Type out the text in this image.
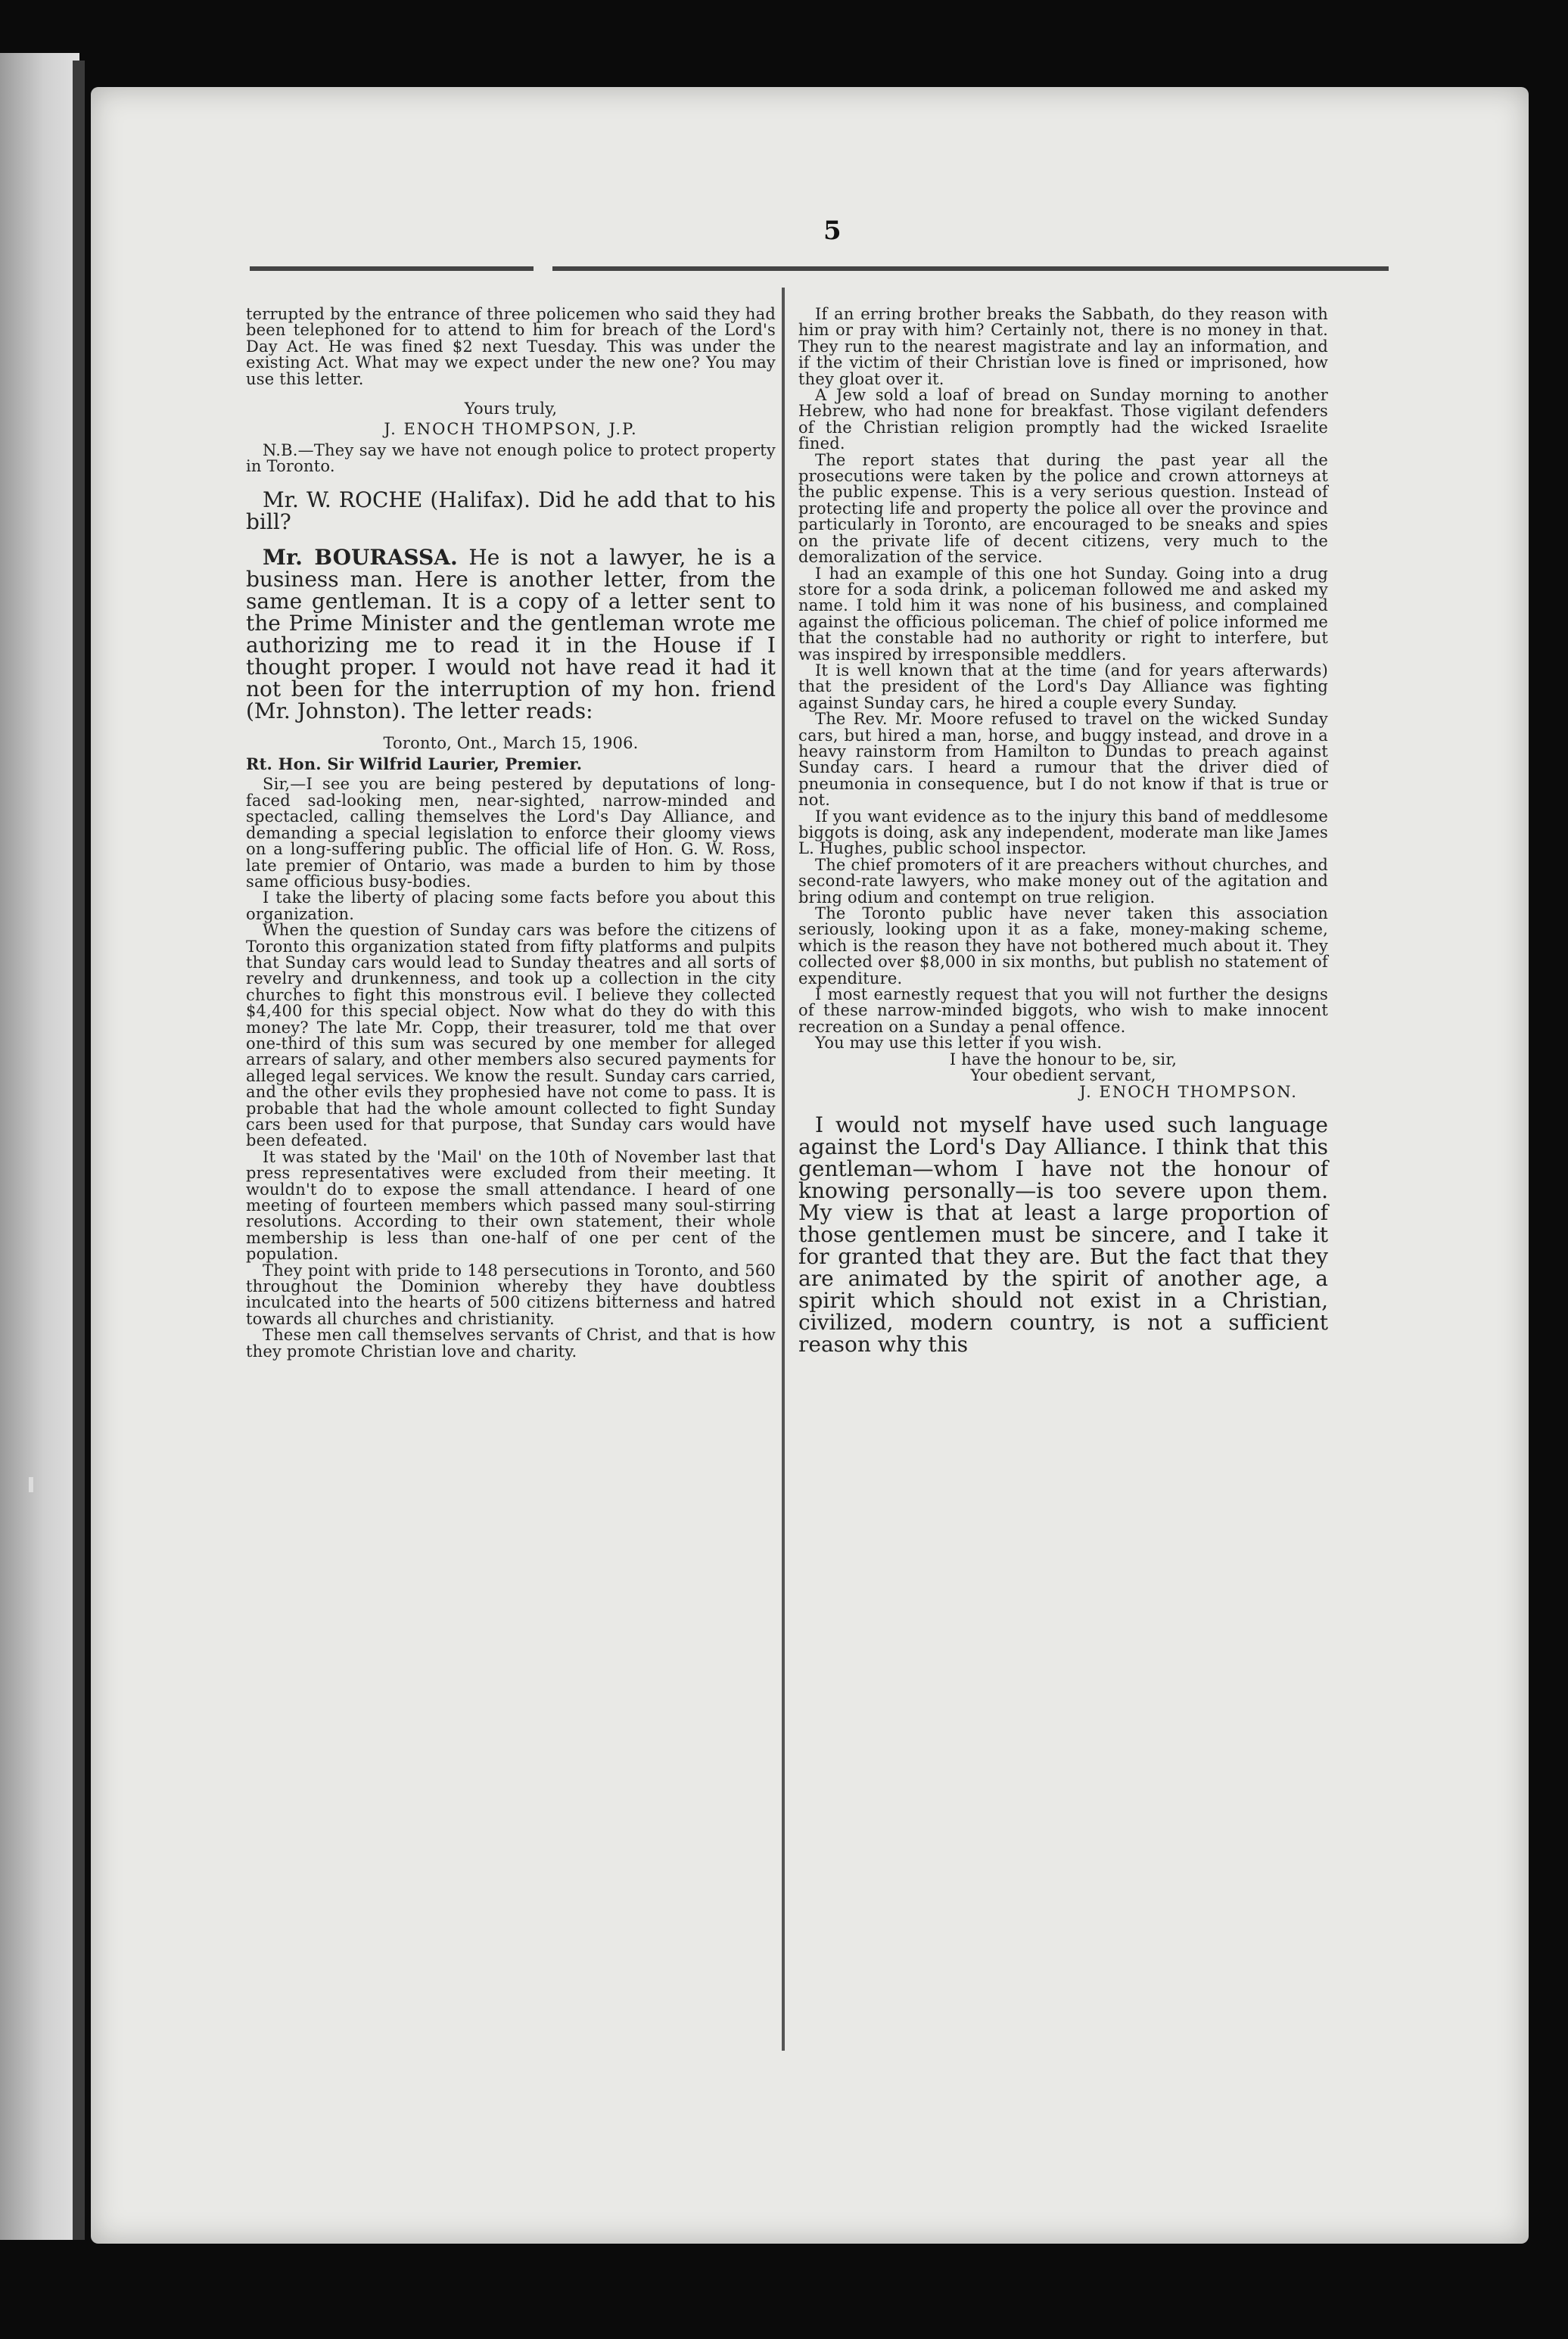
5

terrupted by the entrance of three policemen who said they had been telephoned for to attend to him for breach of the Lord's Day Act. He was fined $2 next Tuesday. This was under the existing Act. What may we expect under the new one? You may use this letter.

Yours truly,

J. ENOCH THOMPSON, J.P.

N.B.—They say we have not enough police to protect property in Toronto.

Mr. W. ROCHE (Halifax). Did he add that to his bill?

Mr. BOURASSA. He is not a lawyer, he is a business man. Here is another letter, from the same gentleman. It is a copy of a letter sent to the Prime Minister and the gentleman wrote me authorizing me to read it in the House if I thought proper. I would not have read it had it not been for the interruption of my hon. friend (Mr. Johnston). The letter reads:

Toronto, Ont., March 15, 1906.

Rt. Hon. Sir Wilfrid Laurier, Premier.

Sir,—I see you are being pestered by deputations of long-faced sad-looking men, near-sighted, narrow-minded and spectacled, calling themselves the Lord's Day Alliance, and demanding a special legislation to enforce their gloomy views on a long-suffering public. The official life of Hon. G. W. Ross, late premier of Ontario, was made a burden to him by those same officious busy-bodies.

I take the liberty of placing some facts before you about this organization.

When the question of Sunday cars was before the citizens of Toronto this organization stated from fifty platforms and pulpits that Sunday cars would lead to Sunday theatres and all sorts of revelry and drunkenness, and took up a collection in the city churches to fight this monstrous evil. I believe they collected $4,400 for this special object. Now what do they do with this money? The late Mr. Copp, their treasurer, told me that over one-third of this sum was secured by one member for alleged arrears of salary, and other members also secured payments for alleged legal services. We know the result. Sunday cars carried, and the other evils they prophesied have not come to pass. It is probable that had the whole amount collected to fight Sunday cars been used for that purpose, that Sunday cars would have been defeated.

It was stated by the 'Mail' on the 10th of November last that press representatives were excluded from their meeting. It wouldn't do to expose the small attendance. I heard of one meeting of fourteen members which passed many soul-stirring resolutions. According to their own statement, their whole membership is less than one-half of one per cent of the population.

They point with pride to 148 persecutions in Toronto, and 560 throughout the Dominion whereby they have doubtless inculcated into the hearts of 500 citizens bitterness and hatred towards all churches and christianity.

These men call themselves servants of Christ, and that is how they promote Christian love and charity.

If an erring brother breaks the Sabbath, do they reason with him or pray with him? Certainly not, there is no money in that. They run to the nearest magistrate and lay an information, and if the victim of their Christian love is fined or imprisoned, how they gloat over it.

A Jew sold a loaf of bread on Sunday morning to another Hebrew, who had none for breakfast. Those vigilant defenders of the Christian religion promptly had the wicked Israelite fined.

The report states that during the past year all the prosecutions were taken by the police and crown attorneys at the public expense. This is a very serious question. Instead of protecting life and property the police all over the province and particularly in Toronto, are encouraged to be sneaks and spies on the private life of decent citizens, very much to the demoralization of the service.

I had an example of this one hot Sunday. Going into a drug store for a soda drink, a policeman followed me and asked my name. I told him it was none of his business, and complained against the officious policeman. The chief of police informed me that the constable had no authority or right to interfere, but was inspired by irresponsible meddlers.

It is well known that at the time (and for years afterwards) that the president of the Lord's Day Alliance was fighting against Sunday cars, he hired a couple every Sunday.

The Rev. Mr. Moore refused to travel on the wicked Sunday cars, but hired a man, horse, and buggy instead, and drove in a heavy rainstorm from Hamilton to Dundas to preach against Sunday cars. I heard a rumour that the driver died of pneumonia in consequence, but I do not know if that is true or not.

If you want evidence as to the injury this band of meddlesome biggots is doing, ask any independent, moderate man like James L. Hughes, public school inspector.

The chief promoters of it are preachers without churches, and second-rate lawyers, who make money out of the agitation and bring odium and contempt on true religion.

The Toronto public have never taken this association seriously, looking upon it as a fake, money-making scheme, which is the reason they have not bothered much about it. They collected over $8,000 in six months, but publish no statement of expenditure.

I most earnestly request that you will not further the designs of these narrow-minded biggots, who wish to make innocent recreation on a Sunday a penal offence.

You may use this letter if you wish.

I have the honour to be, sir,

Your obedient servant,

J. ENOCH THOMPSON.

I would not myself have used such language against the Lord's Day Alliance. I think that this gentleman—whom I have not the honour of knowing personally—is too severe upon them. My view is that at least a large proportion of those gentlemen must be sincere, and I take it for granted that they are. But the fact that they are animated by the spirit of another age, a spirit which should not exist in a Christian, civilized, modern country, is not a sufficient reason why this
